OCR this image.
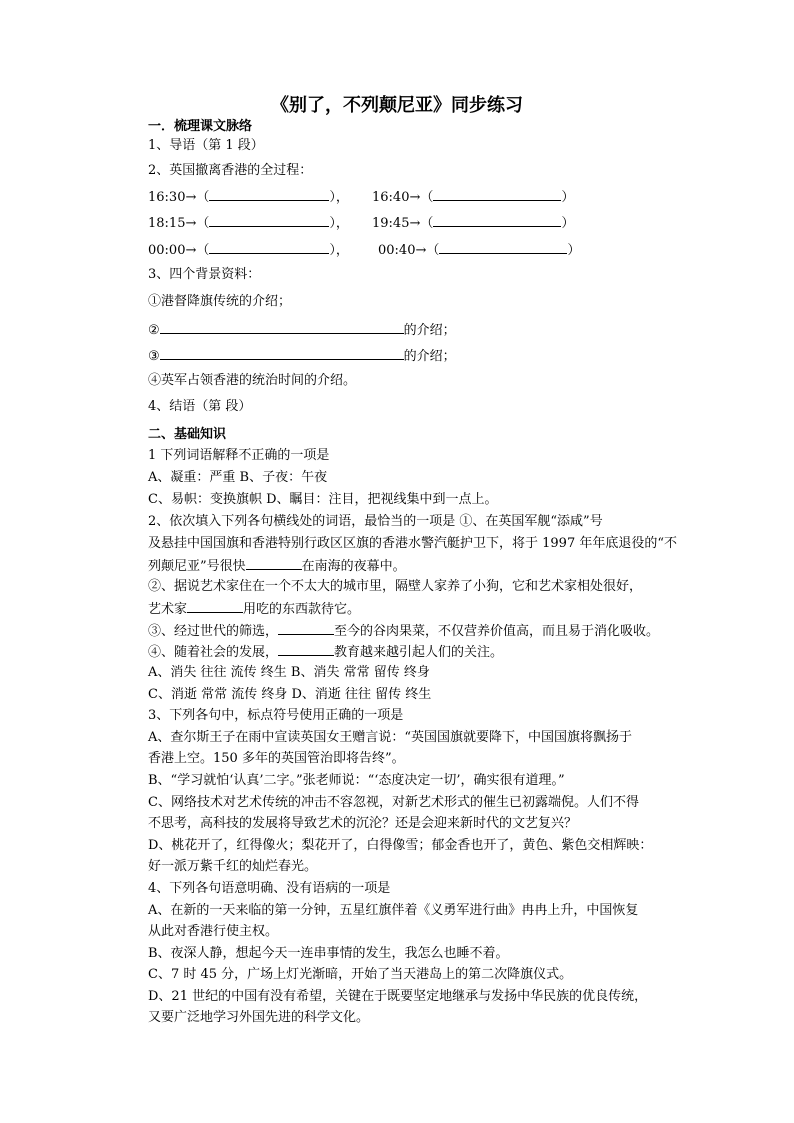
《别了，不列颠尼亚》同步练习
一．梳理课文脉络
1、导语（第 1 段）
2、英国撤离香港的全过程：
16:30→（	）， 16:40→（	）
18:15→（	）， 19:45→（	）
00:00→（	）， 00:40→（	）
3、四个背景资料：
①港督降旗传统的介绍；
②	的介绍；
③	的介绍；
④英军占领香港的统治时间的介绍。
4、结语（第 段）
二、基础知识
1 下列词语解释不正确的一项是
A、凝重：严重 B、子夜：午夜
C、易帜：变换旗帜 D、瞩目：注目，把视线集中到一点上。
2、依次填入下列各句横线处的词语，最恰当的一项是 ①、在英国军舰“添咸”号
及悬挂中国国旗和香港特别行政区区旗的香港水警汽艇护卫下，将于 1997 年年底退役的“不
列颠尼亚”号很快	在南海的夜幕中。
②、据说艺术家住在一个不太大的城市里，隔壁人家养了小狗，它和艺术家相处很好，
艺术家	用吃的东西款待它。
③、经过世代的筛选，	至今的谷肉果菜，不仅营养价值高，而且易于消化吸收。
④、随着社会的发展，	教育越来越引起人们的关注。
A、消失 往往 流传 终生 B、消失 常常 留传 终身
C、消逝 常常 流传 终身 D、消逝 往往 留传 终生
3、下列各句中，标点符号使用正确的一项是
A、查尔斯王子在雨中宣读英国女王赠言说：“英国国旗就要降下，中国国旗将飘扬于
香港上空。150 多年的英国管治即将告终”。
B、“学习就怕‘认真’二字。”张老师说：“‘态度决定一切’，确实很有道理。”
C、网络技术对艺术传统的冲击不容忽视，对新艺术形式的催生已初露端倪。人们不得
不思考，高科技的发展将导致艺术的沉沦？还是会迎来新时代的文艺复兴？
D、桃花开了，红得像火；梨花开了，白得像雪；郁金香也开了，黄色、紫色交相辉映：
好一派万紫千红的灿烂春光。
4、下列各句语意明确、没有语病的一项是
A、在新的一天来临的第一分钟，五星红旗伴着《义勇军进行曲》冉冉上升，中国恢复
从此对香港行使主权。
B、夜深人静，想起今天一连串事情的发生，我怎么也睡不着。
C、7 时 45 分，广场上灯光渐暗，开始了当天港岛上的第二次降旗仪式。
D、21 世纪的中国有没有希望，关键在于既要坚定地继承与发扬中华民族的优良传统，
又要广泛地学习外国先进的科学文化。
